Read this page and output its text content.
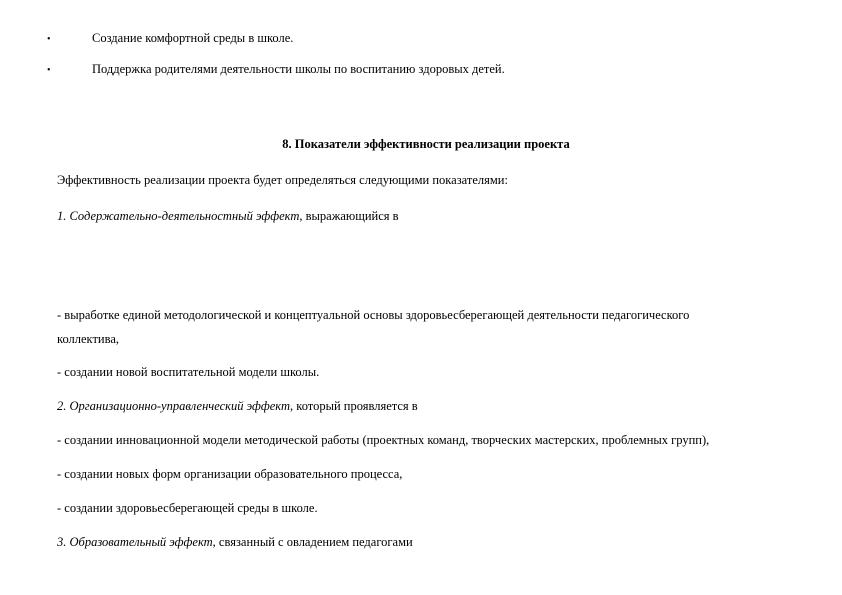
•	Создание комфортной среды в школе.
•	Поддержка родителями деятельности школы по воспитанию здоровых детей.
8. Показатели эффективности реализации проекта
Эффективность реализации проекта будет определяться следующими показателями:
1. Содержательно-деятельностный эффект, выражающийся в
- выработке единой методологической и концептуальной основы здоровьесберегающей деятельности педагогического
коллектива,
- создании новой воспитательной модели школы.
2. Организационно-управленческий эффект, который проявляется в
- создании инновационной модели методической работы (проектных команд, творческих мастерских, проблемных групп),
- создании новых форм организации образовательного процесса,
- создании здоровьесберегающей среды в школе.
3. Образовательный эффект, связанный с овладением педагогами
